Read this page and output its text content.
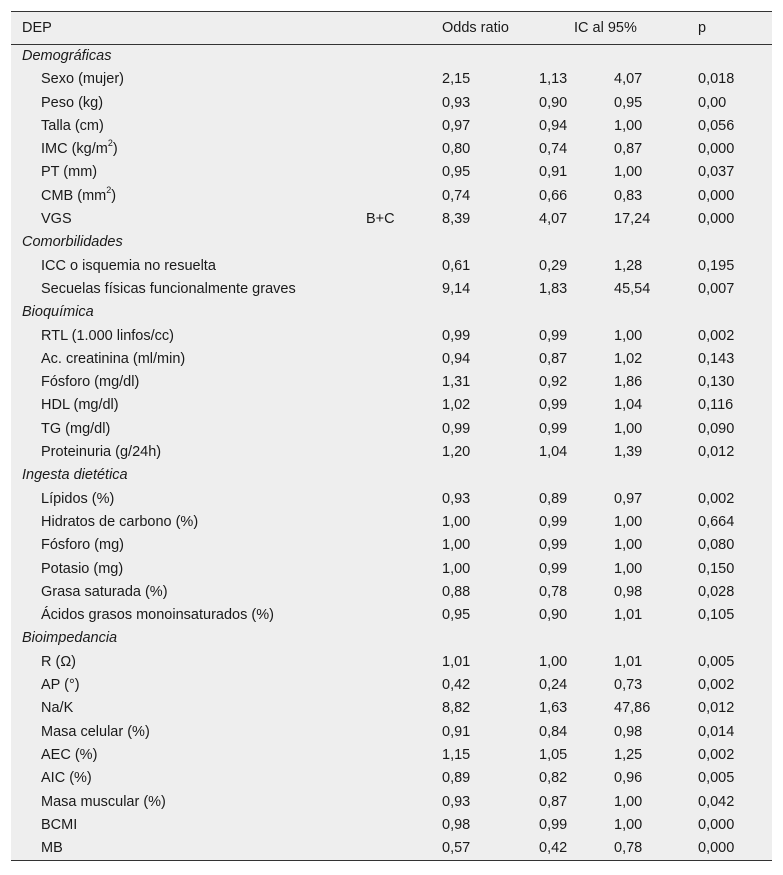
DEP	Odds ratio	IC al 95%	p
Demográficas
Sexo (mujer)	2,15	1,13	4,07	0,018
Peso (kg)	0,93	0,90	0,95	0,00
Talla (cm)	0,97	0,94	1,00	0,056
IMC $(kg/m^2)$	0,80	0,74	0,87	0,000
PT (mm)	0,95	0,91	1,00	0,037
CMB $(mm^2)$	0,74	0,66	0,83	0,000
VGS	B+C	8,39	4,07	17,24	0,000
Comorbilidades
ICC o isquemia no resuelta	0,61	0,29	1,28	0,195
Secuelas físicas funcionalmente graves	9,14	1,83	45,54	0,007
Bioquímica
RTL (1.000 linfos/cc)	0,99	0,99	1,00	0,002
Ac. creatinina (ml/min)	0,94	0,87	1,02	0,143
Fósforo (mg/dl)	1,31	0,92	1,86	0,130
HDL (mg/dl)	1,02	0,99	1,04	0,116
TG (mg/dl)	0,99	0,99	1,00	0,090
Proteinuria (g/24h)	1,20	1,04	1,39	0,012
Ingesta dietética
Lípidos (%)	0,93	0,89	0,97	0,002
Hidratos de carbono (%)	1,00	0,99	1,00	0,664
Fósforo (mg)	1,00	0,99	1,00	0,080
Potasio (mg)	1,00	0,99	1,00	0,150
Grasa saturada (%)	0,88	0,78	0,98	0,028
Ácidos grasos monoinsaturados (%)	0,95	0,90	1,01	0,105
Bioimpedancia
R (Ω)	1,01	1,00	1,01	0,005
AP (°)	0,42	0,24	0,73	0,002
Na/K	8,82	1,63	47,86	0,012
Masa celular (%)	0,91	0,84	0,98	0,014
AEC (%)	1,15	1,05	1,25	0,002
AIC (%)	0,89	0,82	0,96	0,005
Masa muscular (%)	0,93	0,87	1,00	0,042
BCMI	0,98	0,99	1,00	0,000
MB	0,57	0,42	0,78	0,000
